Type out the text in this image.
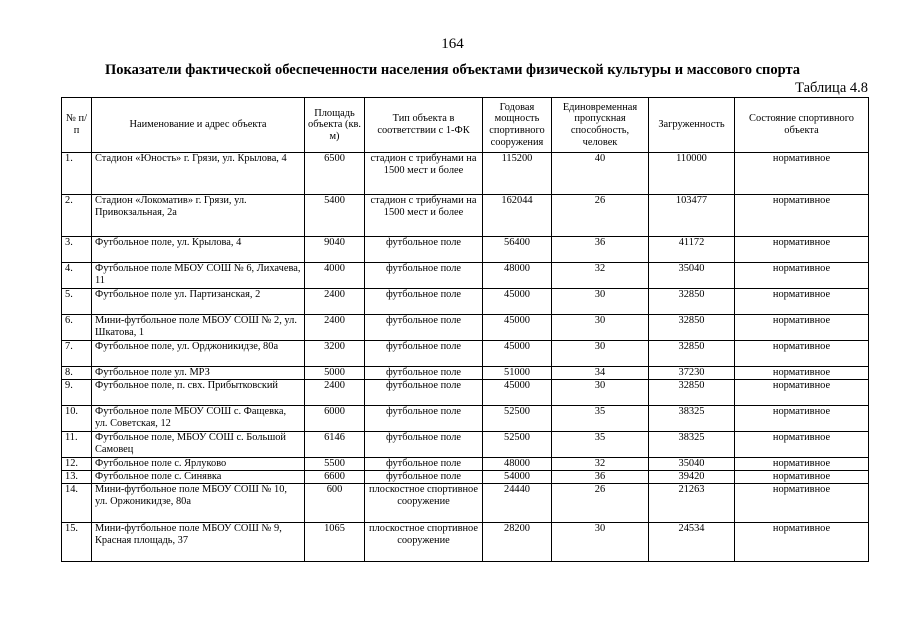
164
Показатели фактической обеспеченности населения объектами физической культуры и массового спорта
Таблица 4.8
№ п/п	Наименование и адрес объекта	Площадь объекта (кв. м)	Тип объекта в соответствии с 1-ФК	Годовая мощность спортивного сооружения	Единовременная пропускная способность, человек	Загруженность	Состояние спортивного объекта
1.	Стадион «Юность» г. Грязи, ул. Крылова, 4	6500	стадион с трибунами на 1500 мест и более	115200	40	110000	нормативное
2.	Стадион «Локоматив» г. Грязи, ул. Привокзальная, 2а	5400	стадион с трибунами на 1500 мест и более	162044	26	103477	нормативное
3.	Футбольное поле, ул. Крылова, 4	9040	футбольное поле	56400	36	41172	нормативное
4.	Футбольное поле МБОУ СОШ № 6, Лихачева, 11	4000	футбольное поле	48000	32	35040	нормативное
5.	Футбольное поле ул. Партизанская, 2	2400	футбольное поле	45000	30	32850	нормативное
6.	Мини-футбольное поле МБОУ СОШ № 2, ул. Шкатова, 1	2400	футбольное поле	45000	30	32850	нормативное
7.	Футбольное поле, ул. Орджоникидзе, 80а	3200	футбольное поле	45000	30	32850	нормативное
8.	Футбольное поле ул. МРЗ	5000	футбольное поле	51000	34	37230	нормативное
9.	Футбольное поле, п. свх. Прибытковский	2400	футбольное поле	45000	30	32850	нормативное
10.	Футбольное поле МБОУ СОШ с. Фащевка, ул. Советская, 12	6000	футбольное поле	52500	35	38325	нормативное
11.	Футбольное поле, МБОУ СОШ с. Большой Самовец	6146	футбольное поле	52500	35	38325	нормативное
12.	Футбольное поле с. Ярлуково	5500	футбольное поле	48000	32	35040	нормативное
13.	Футбольное поле с. Синявка	6600	футбольное поле	54000	36	39420	нормативное
14.	Мини-футбольное поле МБОУ СОШ № 10, ул. Оржоникидзе, 80а	600	плоскостное спортивное сооружение	24440	26	21263	нормативное
15.	Мини-футбольное поле МБОУ СОШ № 9, Красная площадь, 37	1065	плоскостное спортивное сооружение	28200	30	24534	нормативное
